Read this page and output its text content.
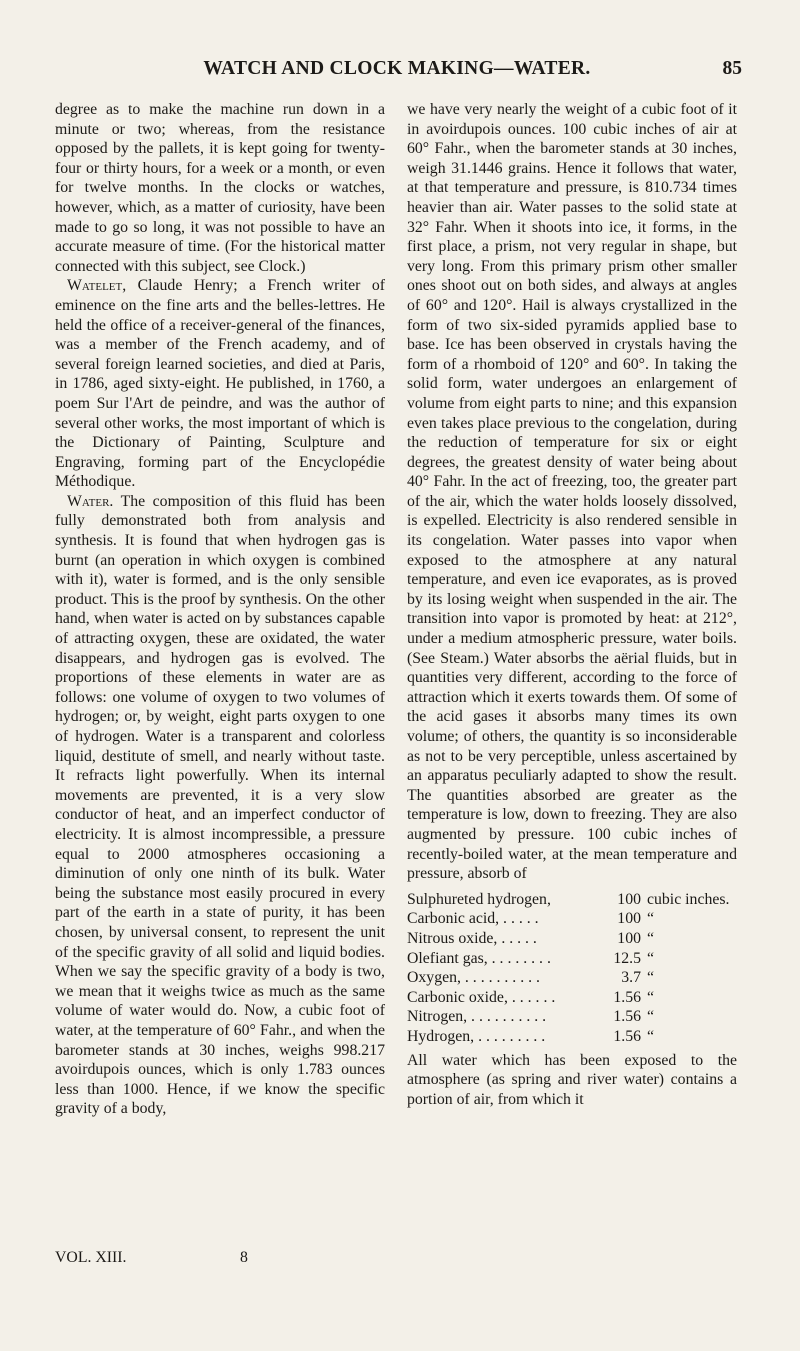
WATCH AND CLOCK MAKING—WATER.	85

degree as to make the machine run down in a minute or two; whereas, from the resistance opposed by the pallets, it is kept going for twenty-four or thirty hours, for a week or a month, or even for twelve months. In the clocks or watches, however, which, as a matter of curiosity, have been made to go so long, it was not possible to have an accurate measure of time. (For the historical matter connected with this subject, see Clock.)

Watelet, Claude Henry; a French writer of eminence on the fine arts and the belles-lettres. He held the office of a receiver-general of the finances, was a member of the French academy, and of several foreign learned societies, and died at Paris, in 1786, aged sixty-eight. He published, in 1760, a poem Sur l'Art de peindre, and was the author of several other works, the most important of which is the Dictionary of Painting, Sculpture and Engraving, forming part of the Encyclopédie Méthodique.

Water. The composition of this fluid has been fully demonstrated both from analysis and synthesis. It is found that when hydrogen gas is burnt (an operation in which oxygen is combined with it), water is formed, and is the only sensible product. This is the proof by synthesis. On the other hand, when water is acted on by substances capable of attracting oxygen, these are oxidated, the water disappears, and hydrogen gas is evolved. The proportions of these elements in water are as follows: one volume of oxygen to two volumes of hydrogen; or, by weight, eight parts oxygen to one of hydrogen. Water is a transparent and colorless liquid, destitute of smell, and nearly without taste. It refracts light powerfully. When its internal movements are prevented, it is a very slow conductor of heat, and an imperfect conductor of electricity. It is almost incompressible, a pressure equal to 2000 atmospheres occasioning a diminution of only one ninth of its bulk. Water being the substance most easily procured in every part of the earth in a state of purity, it has been chosen, by universal consent, to represent the unit of the specific gravity of all solid and liquid bodies. When we say the specific gravity of a body is two, we mean that it weighs twice as much as the same volume of water would do. Now, a cubic foot of water, at the temperature of 60° Fahr., and when the barometer stands at 30 inches, weighs 998.217 avoirdupois ounces, which is only 1.783 ounces less than 1000. Hence, if we know the specific gravity of a body,

VOL. XIII.	8

we have very nearly the weight of a cubic foot of it in avoirdupois ounces. 100 cubic inches of air at 60° Fahr., when the barometer stands at 30 inches, weigh 31.1446 grains. Hence it follows that water, at that temperature and pressure, is 810.734 times heavier than air. Water passes to the solid state at 32° Fahr. When it shoots into ice, it forms, in the first place, a prism, not very regular in shape, but very long. From this primary prism other smaller ones shoot out on both sides, and always at angles of 60° and 120°. Hail is always crystallized in the form of two six-sided pyramids applied base to base. Ice has been observed in crystals having the form of a rhomboid of 120° and 60°. In taking the solid form, water undergoes an enlargement of volume from eight parts to nine; and this expansion even takes place previous to the congelation, during the reduction of temperature for six or eight degrees, the greatest density of water being about 40° Fahr. In the act of freezing, too, the greater part of the air, which the water holds loosely dissolved, is expelled. Electricity is also rendered sensible in its congelation. Water passes into vapor when exposed to the atmosphere at any natural temperature, and even ice evaporates, as is proved by its losing weight when suspended in the air. The transition into vapor is promoted by heat: at 212°, under a medium atmospheric pressure, water boils. (See Steam.) Water absorbs the aërial fluids, but in quantities very different, according to the force of attraction which it exerts towards them. Of some of the acid gases it absorbs many times its own volume; of others, the quantity is so inconsiderable as not to be very perceptible, unless ascertained by an apparatus peculiarly adapted to show the result. The quantities absorbed are greater as the temperature is low, down to freezing. They are also augmented by pressure. 100 cubic inches of recently-boiled water, at the mean temperature and pressure, absorb of

Sulphureted hydrogen,	100	cubic inches.
Carbonic acid, . . . . .	100	“
Nitrous oxide, . . . . .	100	“
Olefiant gas, . . . . . . . .	12.5	“
Oxygen, . . . . . . . . . .	3.7	“
Carbonic oxide, . . . . . .	1.56	“
Nitrogen, . . . . . . . . . .	1.56	“
Hydrogen, . . . . . . . . .	1.56	“

All water which has been exposed to the atmosphere (as spring and river water) contains a portion of air, from which it
